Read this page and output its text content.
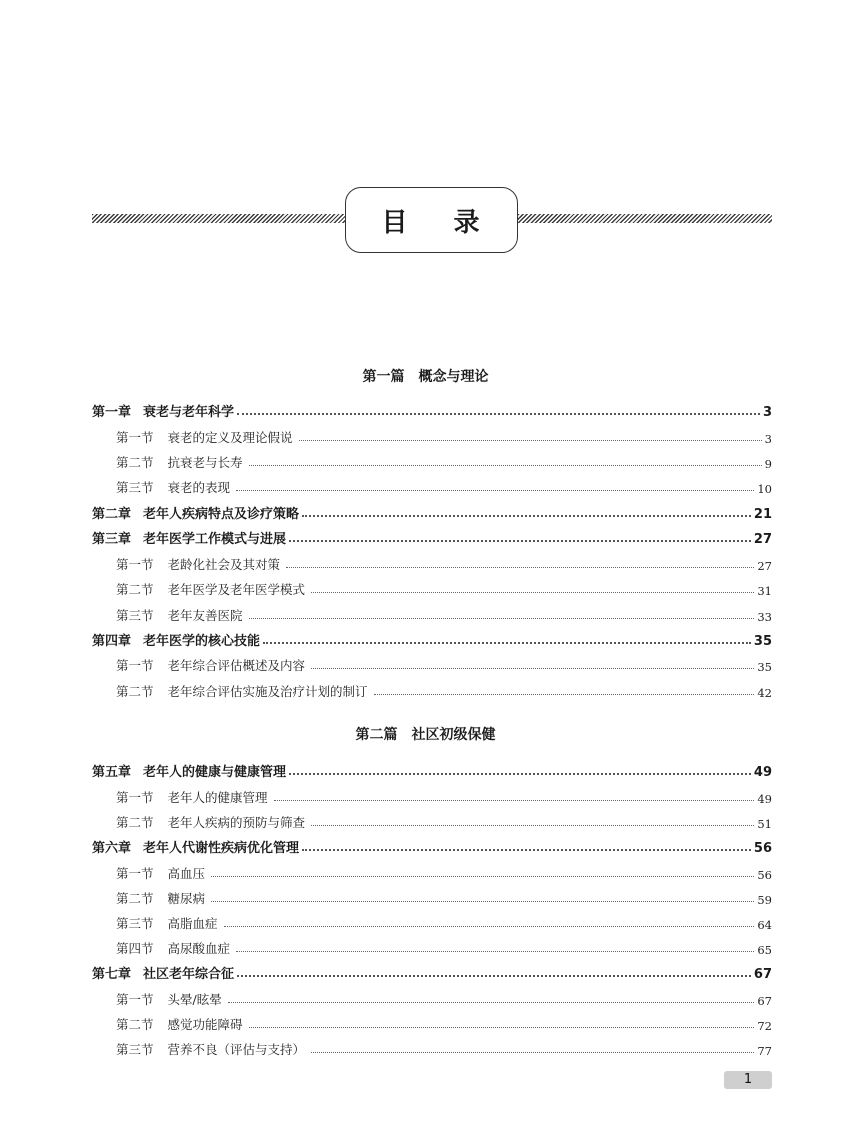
目 录
第一篇 概念与理论
第二篇 社区初级保健
第一章 衰老与老年科学	3
第一节 衰老的定义及理论假说	3
第二节 抗衰老与长寿	9
第三节 衰老的表现	10
第二章 老年人疾病特点及诊疗策略	21
第三章 老年医学工作模式与进展	27
第一节 老龄化社会及其对策	27
第二节 老年医学及老年医学模式	31
第三节 老年友善医院	33
第四章 老年医学的核心技能	35
第一节 老年综合评估概述及内容	35
第二节 老年综合评估实施及治疗计划的制订	42
第五章 老年人的健康与健康管理	49
第一节 老年人的健康管理	49
第二节 老年人疾病的预防与筛查	51
第六章 老年人代谢性疾病优化管理	56
第一节 高血压	56
第二节 糖尿病	59
第三节 高脂血症	64
第四节 高尿酸血症	65
第七章 社区老年综合征	67
第一节 头晕/眩晕	67
第二节 感觉功能障碍	72
第三节 营养不良（评估与支持）	77
1
